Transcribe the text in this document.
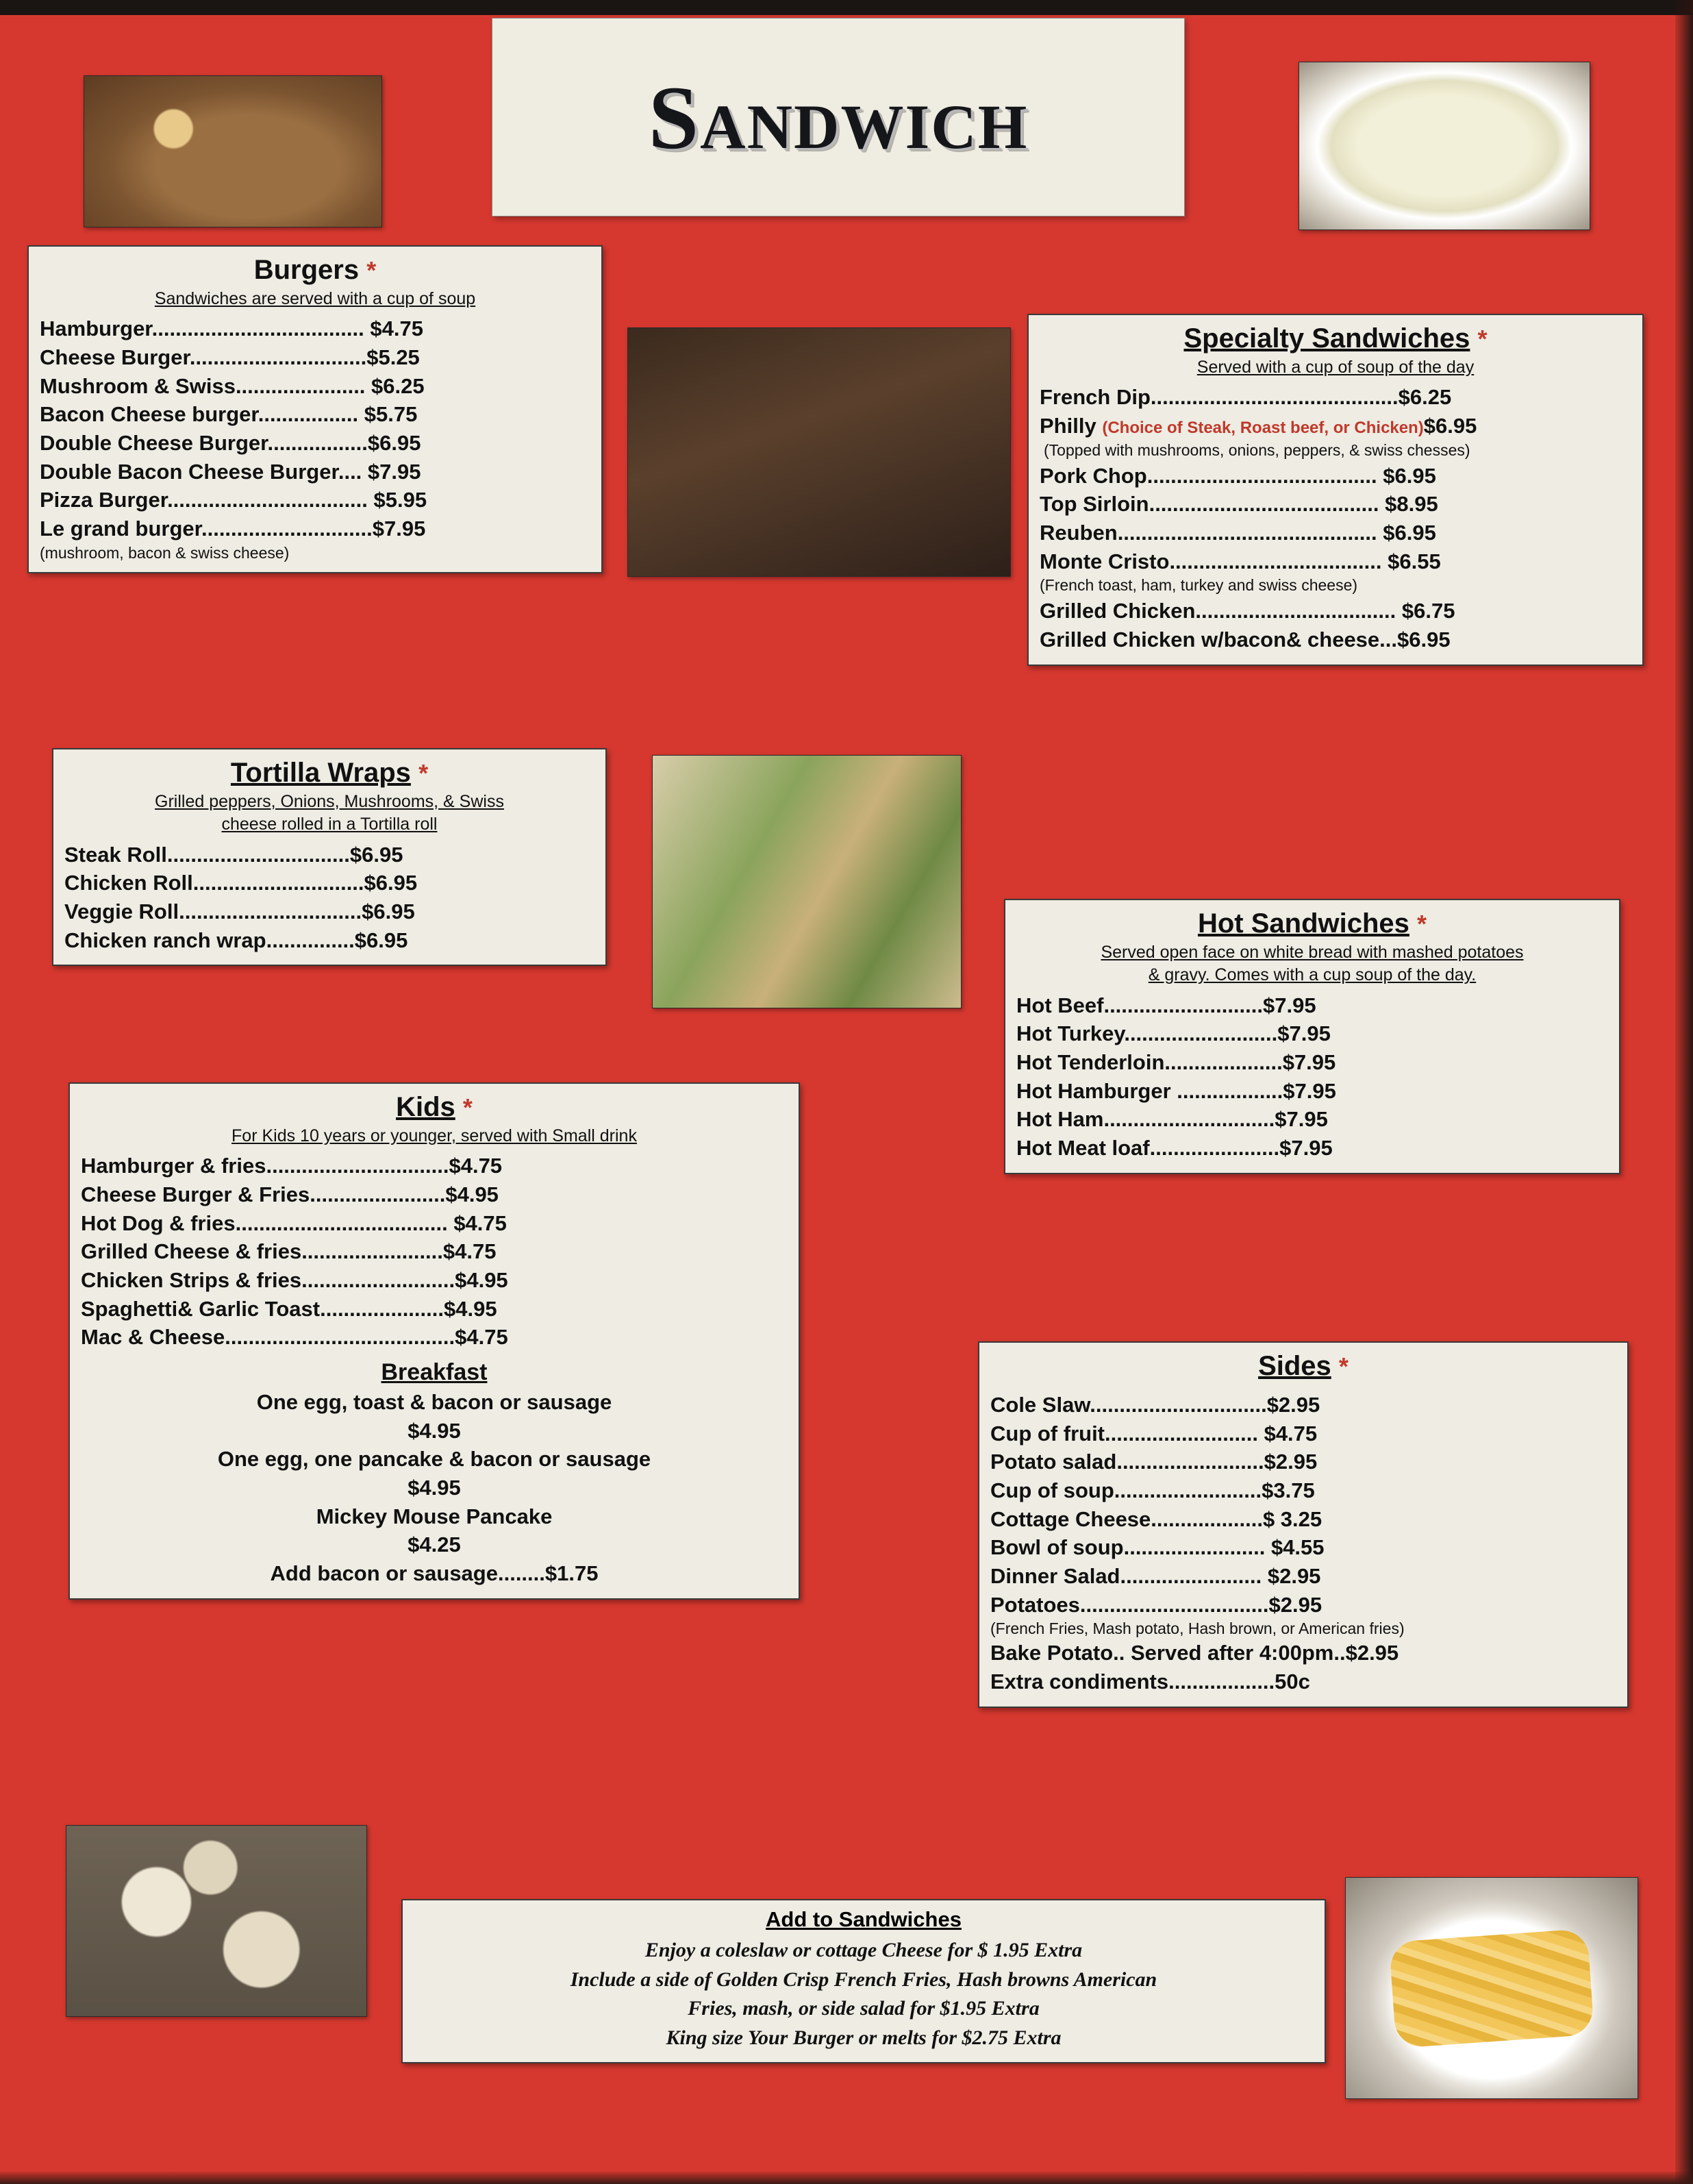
Sandwich
Burgers *
Sandwiches are served with a cup of soup
Hamburger.................................... $4.75
Cheese Burger..............................$5.25
Mushroom & Swiss...................... $6.25
Bacon Cheese burger................. $5.75
Double Cheese Burger.................$6.95
Double Bacon Cheese Burger.... $7.95
Pizza Burger.................................. $5.95
Le grand burger.............................$7.95
(mushroom, bacon & swiss cheese)
Tortilla Wraps *
Grilled peppers, Onions, Mushrooms, & Swiss
cheese rolled in a Tortilla roll
Steak Roll...............................$6.95
Chicken Roll.............................$6.95
Veggie Roll...............................$6.95
Chicken ranch wrap...............$6.95
Kids *
For Kids 10 years or younger, served with Small drink
Hamburger & fries...............................$4.75
Cheese Burger & Fries.......................$4.95
Hot Dog & fries.................................... $4.75
Grilled Cheese & fries........................$4.75
Chicken Strips & fries..........................$4.95
Spaghetti& Garlic Toast.....................$4.95
Mac & Cheese.......................................$4.75
Breakfast
One egg, toast & bacon or sausage
$4.95
One egg, one pancake & bacon or sausage
$4.95
Mickey Mouse Pancake
$4.25
Add bacon or sausage........$1.75
Specialty Sandwiches *
Served with a cup of soup of the day
French Dip..........................................$6.25
Philly (Choice of Steak, Roast beef, or Chicken)$6.95
(Topped with mushrooms, onions, peppers, & swiss chesses)
Pork Chop....................................... $6.95
Top Sirloin....................................... $8.95
Reuben............................................ $6.95
Monte Cristo.................................... $6.55
(French toast, ham, turkey and swiss cheese)
Grilled Chicken.................................. $6.75
Grilled Chicken w/bacon& cheese...$6.95
Hot Sandwiches *
Served open face on white bread with mashed potatoes
& gravy. Comes with a cup soup of the day.
Hot Beef...........................$7.95
Hot Turkey..........................$7.95
Hot Tenderloin....................$7.95
Hot Hamburger ..................$7.95
Hot Ham.............................$7.95
Hot Meat loaf......................$7.95
Sides *
Cole Slaw..............................$2.95
Cup of fruit.......................... $4.75
Potato salad.........................$2.95
Cup of soup.........................$3.75
Cottage Cheese...................$ 3.25
Bowl of soup........................ $4.55
Dinner Salad........................ $2.95
Potatoes................................$2.95
(French Fries, Mash potato, Hash brown, or American fries)
Bake Potato.. Served after 4:00pm..$2.95
Extra condiments..................50c
Add to Sandwiches
Enjoy a coleslaw or cottage Cheese for $ 1.95 Extra
Include a side of Golden Crisp French Fries, Hash browns American
Fries, mash, or side salad for $1.95 Extra
King size Your Burger or melts for $2.75 Extra
